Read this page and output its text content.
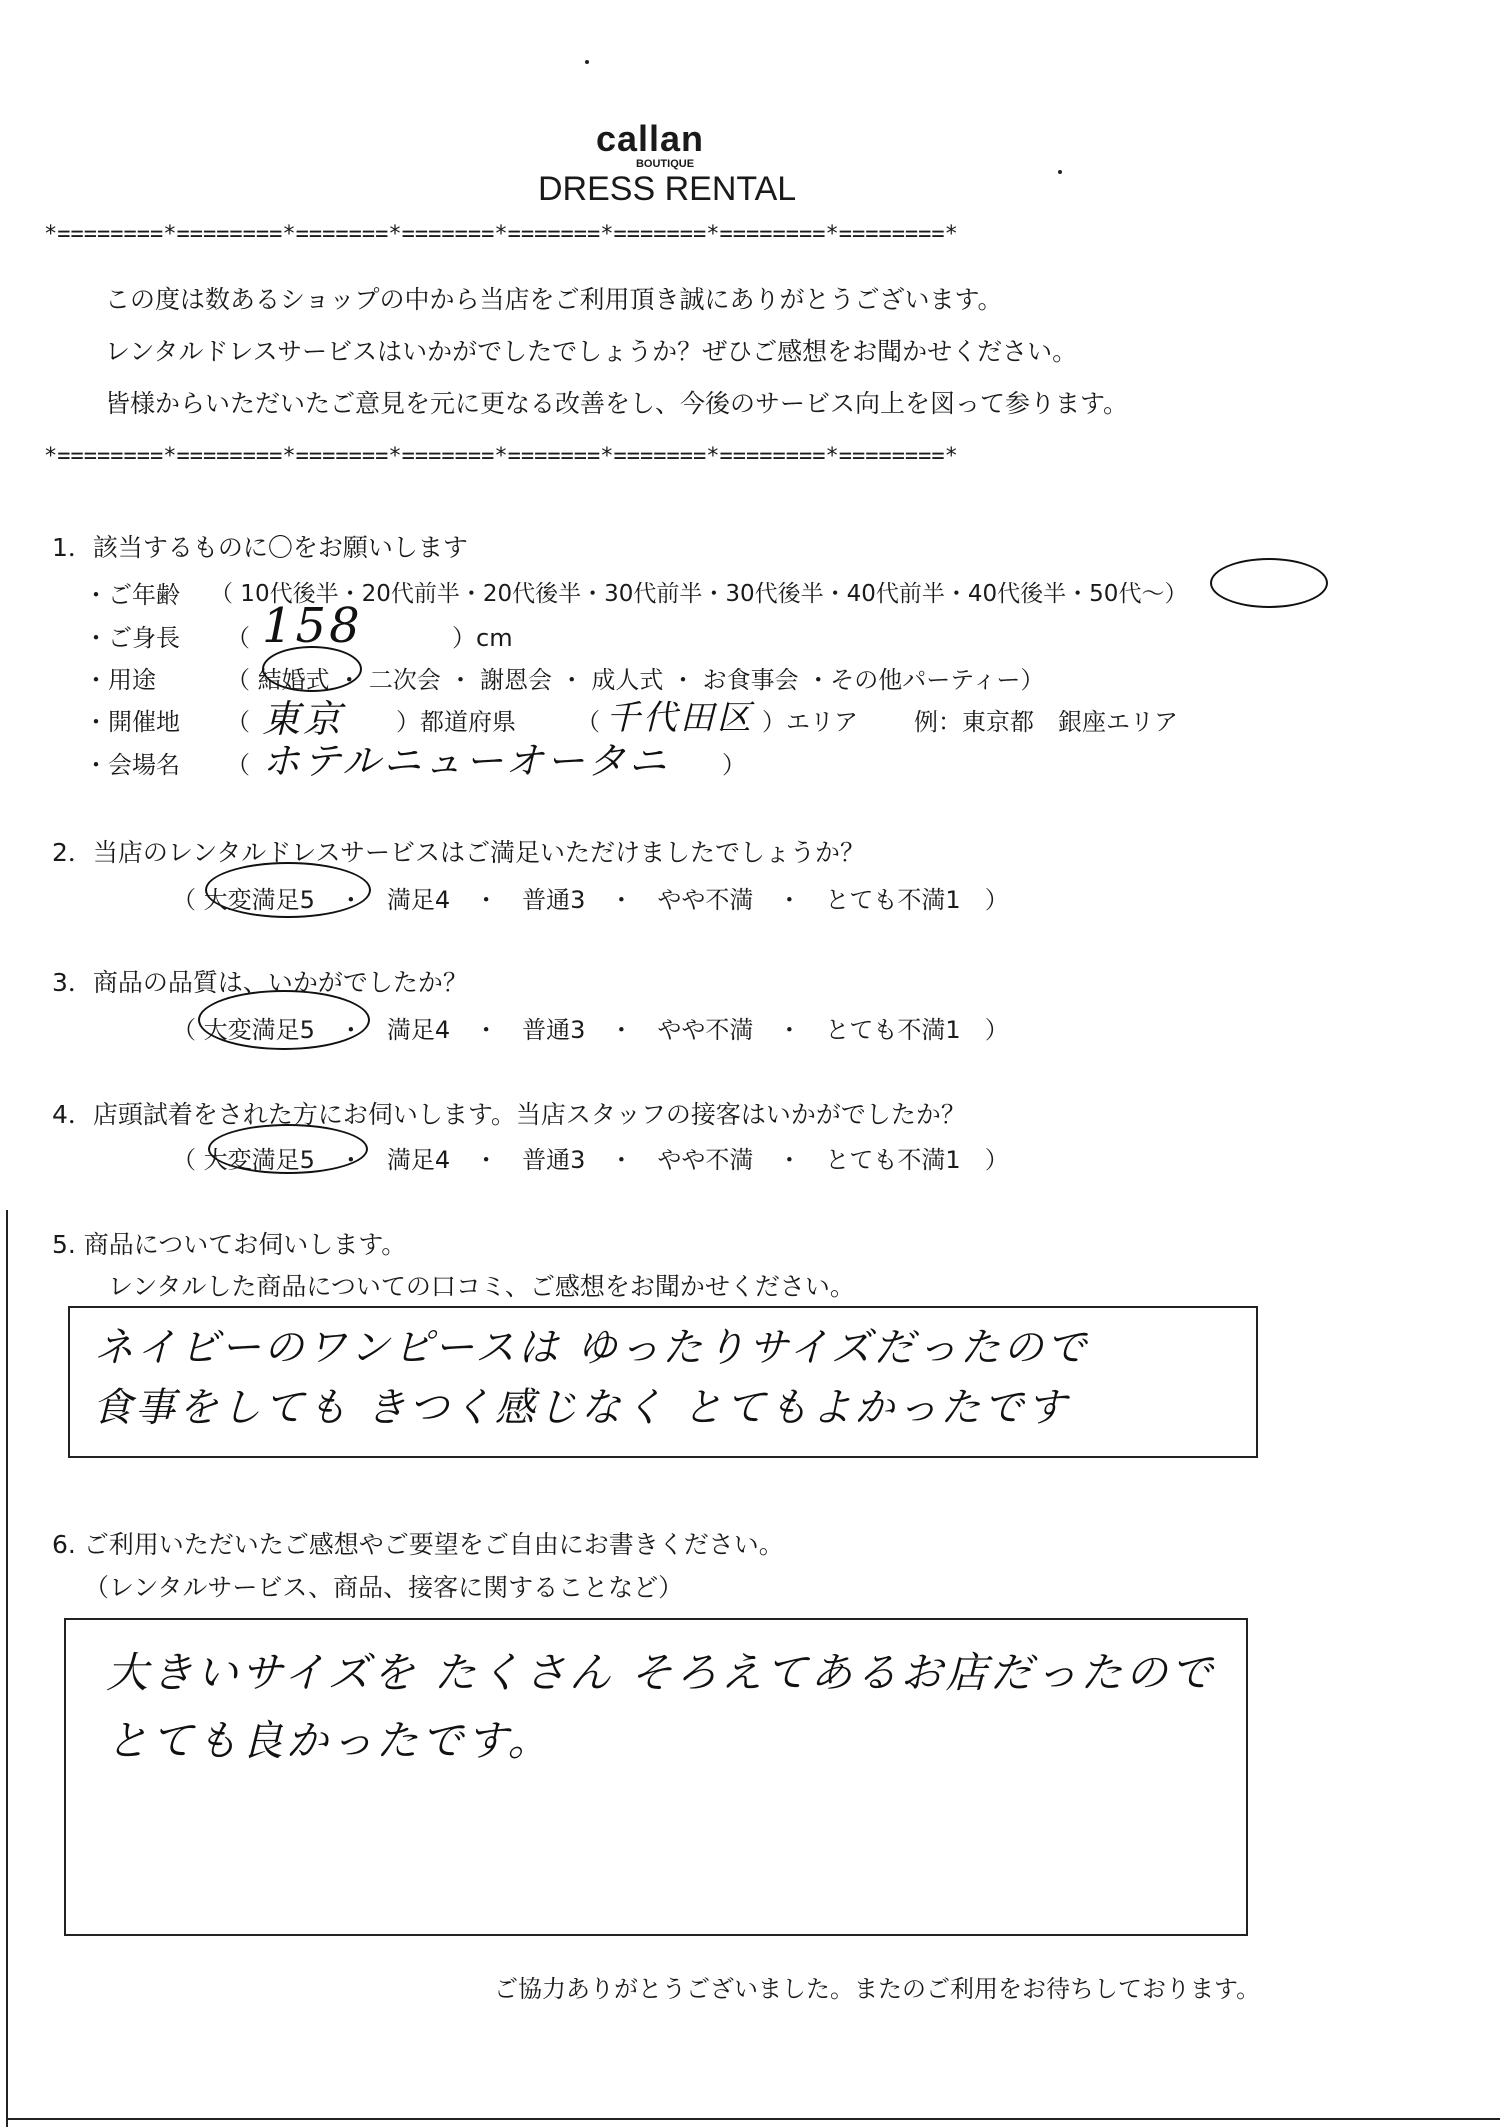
callan
BOUTIQUE
DRESS RENTAL
*========*========*=======*=======*=======*=======*========*========*
この度は数あるショップの中から当店をご利用頂き誠にありがとうございます。
レンタルドレスサービスはいかがでしたでしょうか？ぜひご感想をお聞かせください。
皆様からいただいたご意見を元に更なる改善をし、今後のサービス向上を図って参ります。
*========*========*=======*=======*=======*=======*========*========*
1．該当するものに〇をお願いします
・ご年齢 （ 10代後半・20代前半・20代後半・30代前半・30代後半・40代前半・40代後半・50代～）
・ご身長 （ 158	）cm
・用途	（ 結婚式 ・ 二次会 ・ 謝恩会 ・ 成人式 ・ お食事会 ・その他パーティー）
・開催地 （ 東京 ）都道府県	（ 千代田区 ）エリア 例：東京都　銀座エリア
・会場名 （ ホテルニューオータニ ）
2．当店のレンタルドレスサービスはご満足いただけましたでしょうか？
（ 大変満足5　・　満足4　・　普通3　・　やや不満　・　とても不満1　）
3．商品の品質は、いかがでしたか？
（ 大変満足5　・　満足4　・　普通3　・　やや不満　・　とても不満1　）
4．店頭試着をされた方にお伺いします。当店スタッフの接客はいかがでしたか？
（ 大変満足5　・　満足4　・　普通3　・　やや不満　・　とても不満1　）
5. 商品についてお伺いします。
レンタルした商品についての口コミ、ご感想をお聞かせください。
ネイビーのワンピースは ゆったりサイズだったので
食事をしても きつく感じなく とてもよかったです
6. ご利用いただいたご感想やご要望をご自由にお書きください。
（レンタルサービス、商品、接客に関することなど）
大きいサイズを たくさん そろえてあるお店だったので
とても良かったです。
ご協力ありがとうございました。またのご利用をお待ちしております。
